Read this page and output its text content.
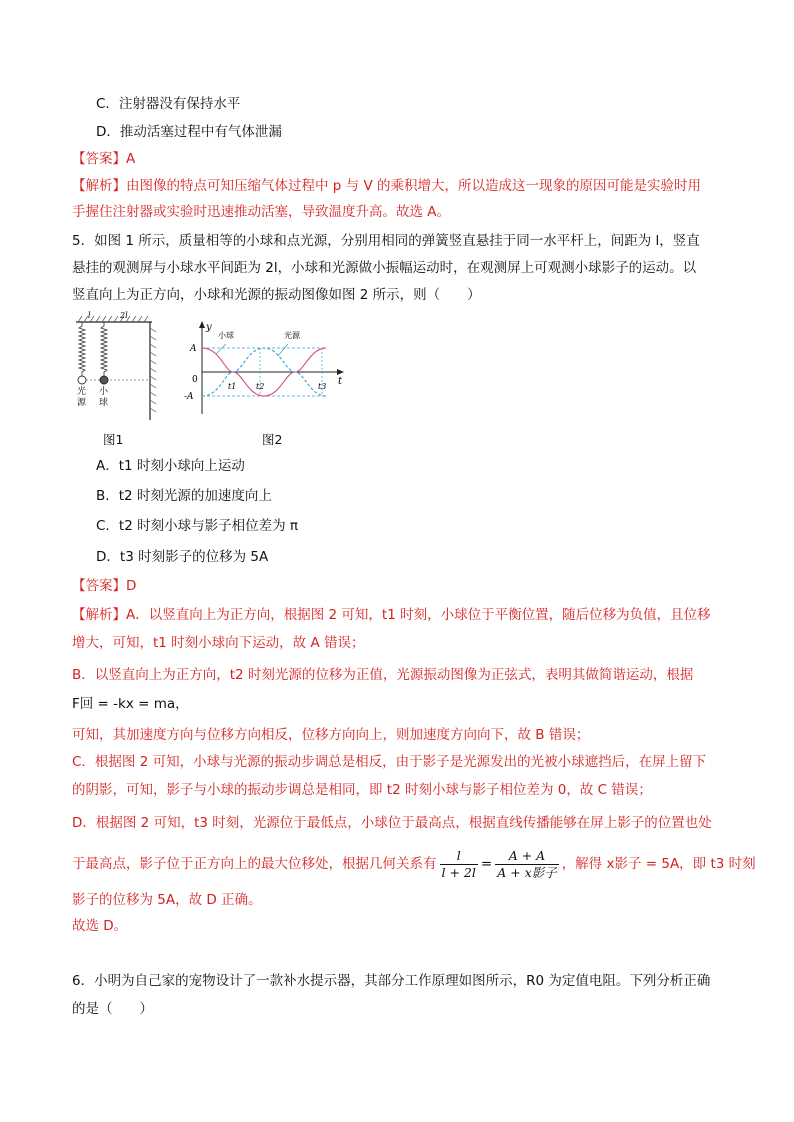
C．注射器没有保持水平
D．推动活塞过程中有气体泄漏
【答案】A
【解析】由图像的特点可知压缩气体过程中 p 与 V 的乘积增大，所以造成这一现象的原因可能是实验时用
手握住注射器或实验时迅速推动活塞，导致温度升高。故选 A。
5．如图 1 所示，质量相等的小球和点光源，分别用相同的弹簧竖直悬挂于同一水平杆上，间距为 l，竖直
悬挂的观测屏与小球水平间距为 2l，小球和光源做小振幅运动时，在观测屏上可观测小球影子的运动。以
竖直向上为正方向，小球和光源的振动图像如图 2 所示，则（　　）
l	2l
光源
小球
图1
y
t
0
A
-A
t1 t2	t3
小球	光源
图2
A．t1 时刻小球向上运动
B．t2 时刻光源的加速度向上
C．t2 时刻小球与影子相位差为 π
D．t3 时刻影子的位移为 5A
【答案】D
【解析】A．以竖直向上为正方向，根据图 2 可知，t1 时刻，小球位于平衡位置，随后位移为负值，且位移
增大，可知，t1 时刻小球向下运动，故 A 错误；
B．以竖直向上为正方向，t2 时刻光源的位移为正值，光源振动图像为正弦式，表明其做简谐运动，根据
F回 = -kx = ma，
可知，其加速度方向与位移方向相反，位移方向向上，则加速度方向向下，故 B 错误；
C．根据图 2 可知，小球与光源的振动步调总是相反，由于影子是光源发出的光被小球遮挡后，在屏上留下
的阴影，可知，影子与小球的振动步调总是相同，即 t2 时刻小球与影子相位差为 0，故 C 错误；
D．根据图 2 可知，t3 时刻，光源位于最低点，小球位于最高点，根据直线传播能够在屏上影子的位置也处
于最高点，影子位于正方向上的最大位移处，根据几何关系有 $\frac{l}{l + 2l} = \frac{A + A}{\text{A + x影子}}$ ，解得 x影子 = 5A，即 t3 时刻
影子的位移为 5A，故 D 正确。
故选 D。
6．小明为自己家的宠物设计了一款补水提示器，其部分工作原理如图所示，R0 为定值电阻。下列分析正确
的是（　　）
